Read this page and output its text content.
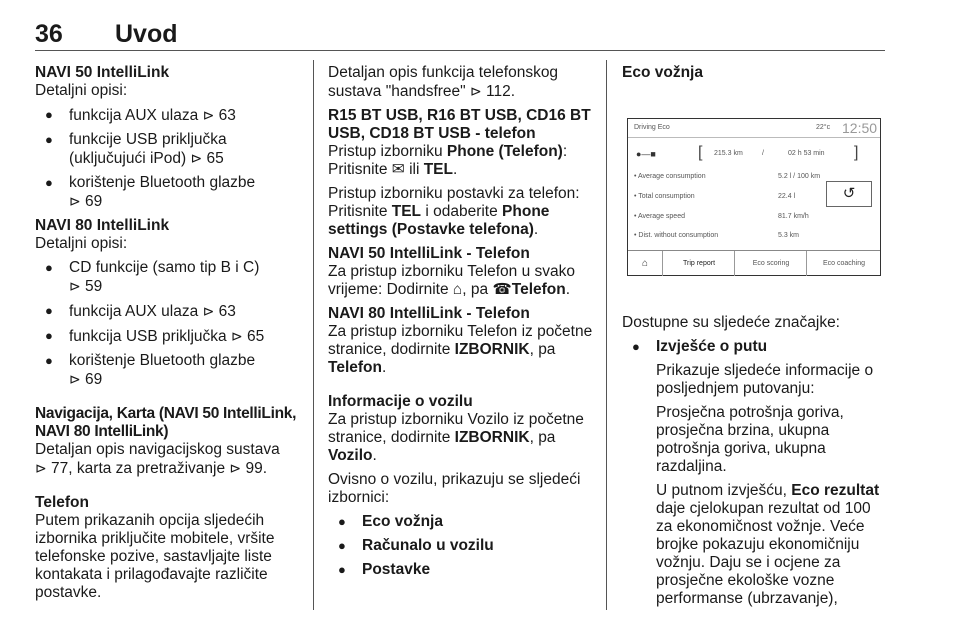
36 Uvod

NAVI 50 IntelliLink

Detaljni opisi:

● funkcija AUX ulaza ⊳ 63
● funkcije USB priključka (uključujući iPod) ⊳ 65
● korištenje Bluetooth glazbe
⊳ 69

NAVI 80 IntelliLink

Detaljni opisi:

● CD funkcije (samo tip B i C)
⊳ 59
● funkcija AUX ulaza ⊳ 63
● funkcija USB priključka ⊳ 65
● korištenje Bluetooth glazbe
⊳ 69

Navigacija, Karta (NAVI 50 IntelliLink,
NAVI 80 IntelliLink)

Detaljan opis navigacijskog sustava
⊳ 77, karta za pretraživanje ⊳ 99.

Telefon

Putem prikazanih opcija sljedećih izbornika priključite mobitele, vršite telefonske pozive, sastavljajte liste kontakata i prilagođavajte različite postavke.

Detaljan opis funkcija telefonskog sustava "handsfree" ⊳ 112.

R15 BT USB, R16 BT USB, CD16 BT USB, CD18 BT USB - telefon

Pristup izborniku Phone (Telefon):

Pritisnite ✉ ili TEL.

Pristup izborniku postavki za telefon: Pritisnite TEL i odaberite Phone settings (Postavke telefona).

NAVI 50 IntelliLink - Telefon

Za pristup izborniku Telefon u svako vrijeme: Dodirnite ⌂, pa ☎Telefon.

NAVI 80 IntelliLink - Telefon

Za pristup izborniku Telefon iz početne stranice, dodirnite IZBORNIK, pa Telefon.

Informacije o vozilu

Za pristup izborniku Vozilo iz početne stranice, dodirnite IZBORNIK, pa Vozilo.

Ovisno o vozilu, prikazuju se sljedeći izbornici:

● Eco vožnja
● Računalo u vozilu
● Postavke

Eco vožnja

Driving Eco	22°c 12:50
●—■	[ 215.3 km	/	02 h 53 min ]
• Average consumption	5.2 l / 100 km
• Total consumption	22.4 l
• Average speed	81.7 km/h
• Dist. without consumption	5.3 km
↺
⌂	Trip report	Eco scoring	Eco coaching

Dostupne su sljedeće značajke:

● Izvješće o putu
Prikazuje sljedeće informacije o posljednjem putovanju:
Prosječna potrošnja goriva, prosječna brzina, ukupna potrošnja goriva, ukupna razdaljina.
U putnom izvješću, Eco rezultat daje cjelokupan rezultat od 100 za ekonomičnost vožnje. Veće brojke pokazuju ekonomičniju vožnju. Daju se i ocjene za prosječne ekološke vozne performanse (ubrzavanje),
